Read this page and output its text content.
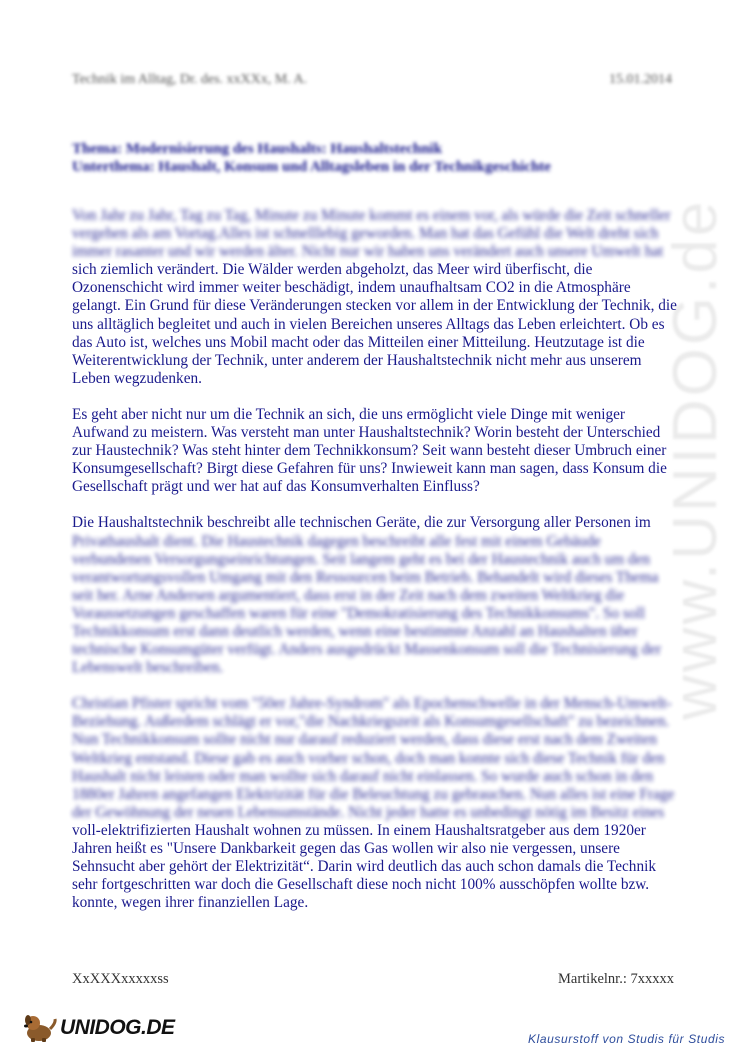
www.UNIDOG.de
Technik im Alltag, Dr. des. xxXXx, M. A.	15.01.2014
Thema: Modernisierung des Haushalts: Haushaltstechnik
Unterthema: Haushalt, Konsum und Alltagsleben in der Technikgeschichte

Von Jahr zu Jahr, Tag zu Tag, Minute zu Minute kommt es einem vor, als würde die Zeit schneller vergehen als am Vortag.Alles ist schnelllebig geworden. Man hat das Gefühl die Welt dreht sich immer rasanter und wir werden älter. Nicht nur wir haben uns verändert auch unsere Umwelt hat sich ziemlich verändert. Die Wälder werden abgeholzt, das Meer wird überfischt, die Ozonenschicht wird immer weiter beschädigt, indem unaufhaltsam CO2 in die Atmosphäre gelangt. Ein Grund für diese Veränderungen stecken vor allem in der Entwicklung der Technik, die uns alltäglich begleitet und auch in vielen Bereichen unseres Alltags das Leben erleichtert. Ob es das Auto ist, welches uns Mobil macht oder das Mitteilen einer Mitteilung. Heutzutage ist die Weiterentwicklung der Technik, unter anderem der Haushaltstechnik nicht mehr aus unserem Leben wegzudenken.

Es geht aber nicht nur um die Technik an sich, die uns ermöglicht viele Dinge mit weniger Aufwand zu meistern. Was versteht man unter Haushaltstechnik? Worin besteht der Unterschied zur Haustechnik? Was steht hinter dem Technikkonsum? Seit wann besteht dieser Umbruch einer Konsumgesellschaft? Birgt diese Gefahren für uns? Inwieweit kann man sagen, dass Konsum die Gesellschaft prägt und wer hat auf das Konsumverhalten Einfluss?

Die Haushaltstechnik beschreibt alle technischen Geräte, die zur Versorgung aller Personen im Privathaushalt dient. Die Haustechnik dagegen beschreibt alle fest mit einem Gebäude verbundenen Versorgungseinrichtungen. Seit langem geht es bei der Haustechnik auch um den verantwortungsvollen Umgang mit den Ressourcen beim Betrieb. Behandelt wird dieses Thema seit her. Arne Andersen argumentiert, dass erst in der Zeit nach dem zweiten Weltkrieg die Voraussetzungen geschaffen waren für eine "Demokratisierung des Technikkonsums". So soll Technikkonsum erst dann deutlich werden, wenn eine bestimmte Anzahl an Haushalten über technische Konsumgüter verfügt. Anders ausgedrückt Massenkonsum soll die Technisierung der Lebenswelt beschreiben.

Christian Pfister spricht vom "50er Jahre-Syndrom" als Epochenschwelle in der Mensch-Umwelt-Beziehung. Außerdem schlägt er vor,"die Nachkriegszeit als Konsumgesellschaft" zu bezeichnen. Nun Technikkonsum sollte nicht nur darauf reduziert werden, dass diese erst nach dem Zweiten Weltkrieg entstand. Diese gab es auch vorher schon, doch man konnte sich diese Technik für den Haushalt nicht leisten oder man wollte sich darauf nicht einlassen. So wurde auch schon in den 1880er Jahren angefangen Elektrizität für die Beleuchtung zu gebrauchen. Nun alles ist eine Frage der Gewöhnung der neuen Lebensumstände. Nicht jeder hatte es unbedingt nötig im Besitz eines voll-elektrifizierten Haushalt wohnen zu müssen. In einem Haushaltsratgeber aus dem 1920er Jahren heißt es "Unsere Dankbarkeit gegen das Gas wollen wir also nie vergessen, unsere Sehnsucht aber gehört der Elektrizität“. Darin wird deutlich das auch schon damals die Technik sehr fortgeschritten war doch die Gesellschaft diese noch nicht 100% ausschöpfen wollte bzw. konnte, wegen ihrer finanziellen Lage.

XxXXXxxxxxss	Martikelnr.: 7xxxxx
UNIDOG.DE	Klausurstoff von Studis für Studis
